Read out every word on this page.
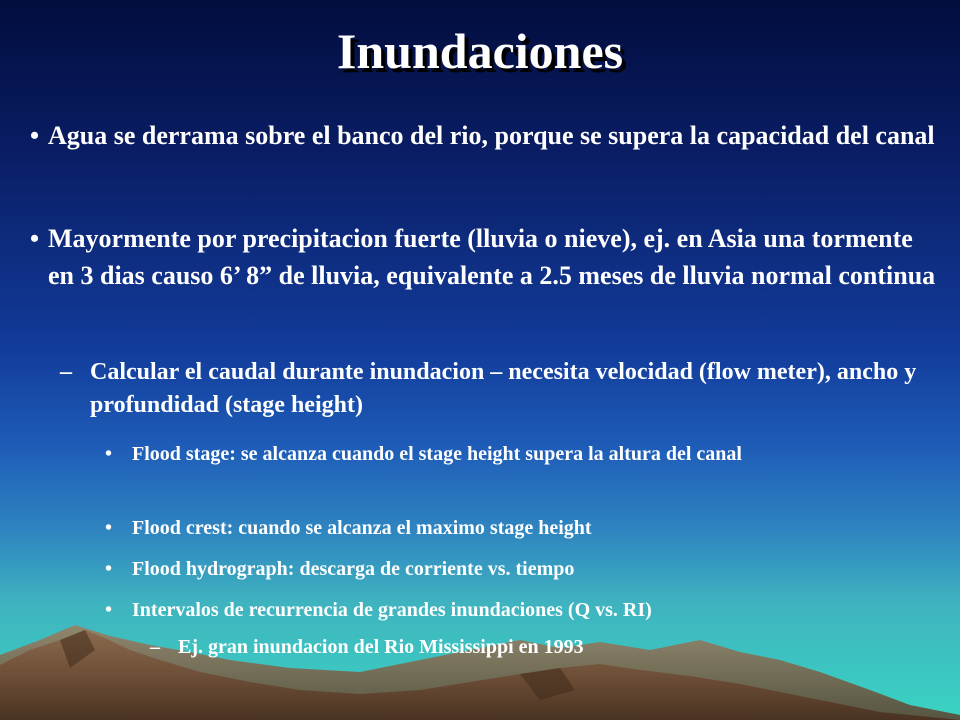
Inundaciones
• Agua se derrama sobre el banco del rio, porque se supera la capacidad del canal
• Mayormente por precipitacion fuerte (lluvia o nieve), ej. en Asia una tormente en 3 dias causo 6’ 8” de lluvia, equivalente a 2.5 meses de lluvia normal continua
– Calcular el caudal durante inundacion – necesita velocidad (flow meter), ancho y profundidad (stage height)
• Flood stage: se alcanza cuando el stage height supera la altura del canal
• Flood crest: cuando se alcanza el maximo stage height
• Flood hydrograph: descarga de corriente vs. tiempo
• Intervalos de recurrencia de grandes inundaciones (Q vs. RI)
– Ej. gran inundacion del Rio Mississippi en 1993
